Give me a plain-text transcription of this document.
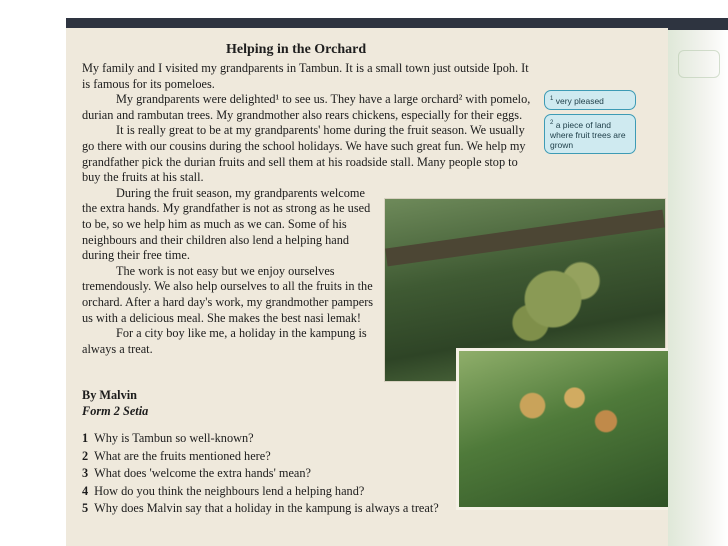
Helping in the Orchard

My family and I visited my grandparents in Tambun. It is a small town just outside Ipoh. It is famous for its pomeloes.

My grandparents were delighted¹ to see us. They have a large orchard² with pomelo, durian and rambutan trees. My grandmother also rears chickens, especially for their eggs.

It is really great to be at my grandparents' home during the fruit season. We usually go there with our cousins during the school holidays. We have such great fun. We help my grandfather pick the durian fruits and sell them at his roadside stall. Many people stop to buy the fruits at his stall.

During the fruit season, my grandparents welcome the extra hands. My grandfather is not as strong as he used to be, so we help him as much as we can. Some of his neighbours and their children also lend a helping hand during their free time.

The work is not easy but we enjoy ourselves tremendously. We also help ourselves to all the fruits in the orchard. After a hard day's work, my grandmother pampers us with a delicious meal. She makes the best nasi lemak!

For a city boy like me, a holiday in the kampung is always a treat.

$^1$ very pleased
$^2$ a piece of land where fruit trees are grown
By Malvin
Form 2 Setia
1 Why is Tambun so well-known?
2 What are the fruits mentioned here?
3 What does 'welcome the extra hands' mean?
4 How do you think the neighbours lend a helping hand?
5 Why does Malvin say that a holiday in the kampung is always a treat?
